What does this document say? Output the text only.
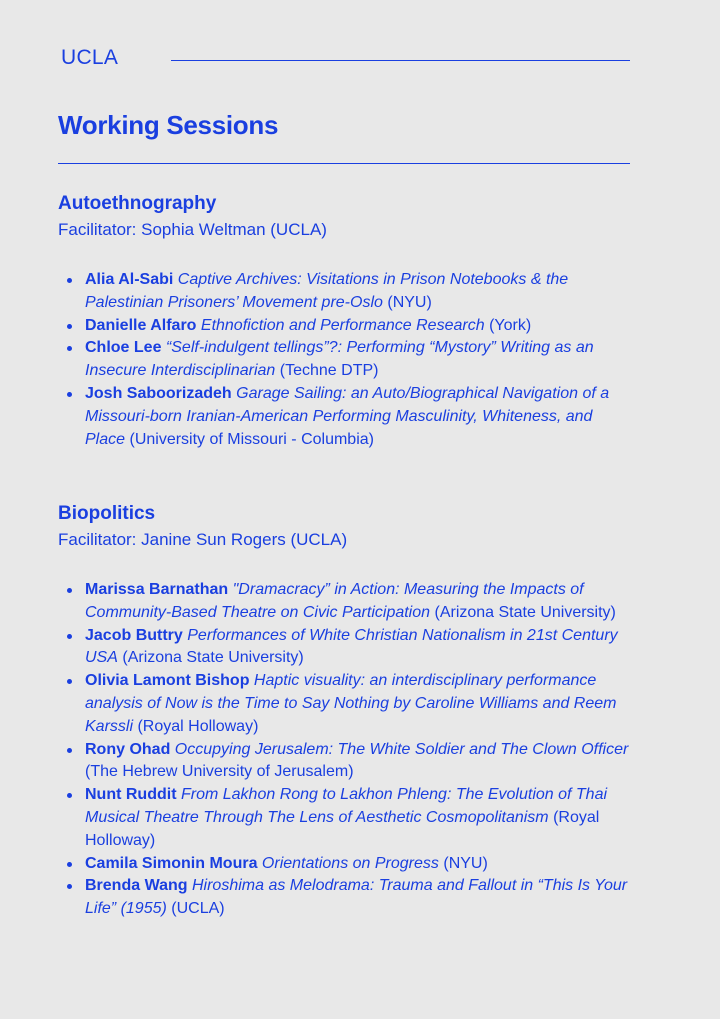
UCLA
Working Sessions
Autoethnography

Facilitator: Sophia Weltman (UCLA)

Alia Al-Sabi Captive Archives: Visitations in Prison Notebooks & the Palestinian Prisoners’ Movement pre-Oslo (NYU)
Danielle Alfaro Ethnofiction and Performance Research (York)
Chloe Lee “Self-indulgent tellings”?: Performing “Mystory” Writing as an Insecure Interdisciplinarian (Techne DTP)
Josh Saboorizadeh Garage Sailing: an Auto/Biographical Navigation of a Missouri-born Iranian-American Performing Masculinity, Whiteness, and Place (University of Missouri - Columbia)
Biopolitics

Facilitator: Janine Sun Rogers (UCLA)

Marissa Barnathan "Dramacracy” in Action: Measuring the Impacts of Community-Based Theatre on Civic Participation (Arizona State University)
Jacob Buttry Performances of White Christian Nationalism in 21st Century USA (Arizona State University)
Olivia Lamont Bishop Haptic visuality: an interdisciplinary performance analysis of Now is the Time to Say Nothing by Caroline Williams and Reem Karssli (Royal Holloway)
Rony Ohad Occupying Jerusalem: The White Soldier and The Clown Officer (The Hebrew University of Jerusalem)
Nunt Ruddit From Lakhon Rong to Lakhon Phleng: The Evolution of Thai Musical Theatre Through The Lens of Aesthetic Cosmopolitanism (Royal Holloway)
Camila Simonin Moura Orientations on Progress (NYU)
Brenda Wang Hiroshima as Melodrama: Trauma and Fallout in “This Is Your Life” (1955) (UCLA)
